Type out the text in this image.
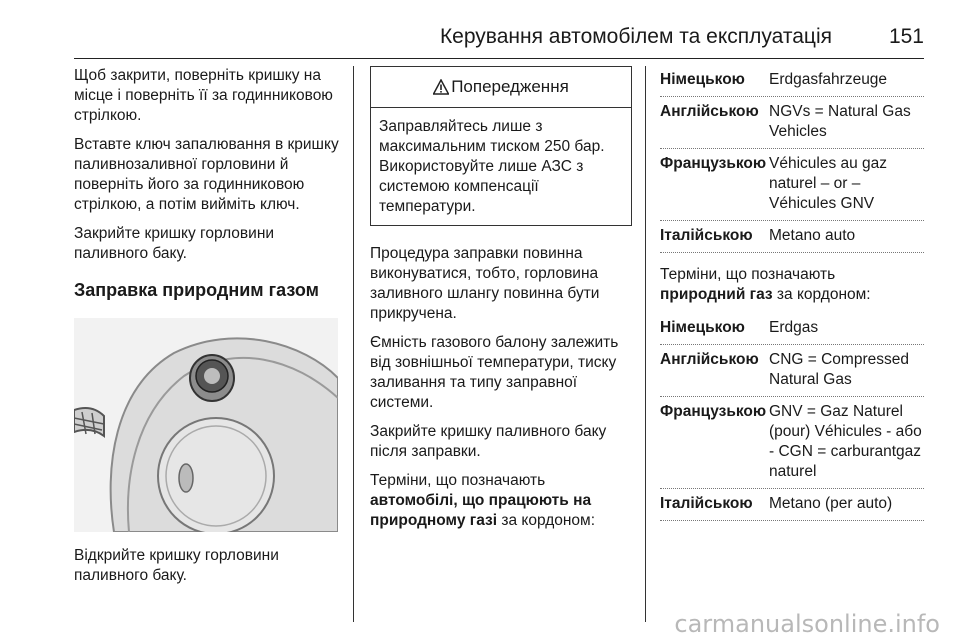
Керування автомобілем та експлуатація	151

Щоб закрити, поверніть кришку на місце і поверніть її за годинниковою стрілкою.

Вставте ключ запалювання в кришку паливнозаливної горловини й поверніть його за годинниковою стрілкою, а потім вийміть ключ.

Закрийте кришку горловини паливного баку.

Заправка природним газом

Відкрийте кришку горловини паливного баку.

Попередження
Заправляйтесь лише з максимальним тиском 250 бар. Використовуйте лише АЗС з системою компенсації температури.

Процедура заправки повинна виконуватися, тобто, горловина заливного шлангу повинна бути прикручена.

Ємність газового балону залежить від зовнішньої температури, тиску заливання та типу заправної системи.

Закрийте кришку паливного баку після заправки.

Терміни, що позначають
автомобілі, що працюють на природному газі за кордоном:

Німецькою	Erdgasfahrzeuge
Англійською NGVs = Natural Gas Vehicles
Французькою Véhicules au gaz naturel – or – Véhicules GNV
Італійською	Metano auto

Терміни, що позначають
природний газ за кордоном:

Німецькою	Erdgas
Англійською CNG = Compressed Natural Gas
Французькою GNV = Gaz Naturel (pour) Véhicules - або - CGN = carburantgaz naturel
Італійською	Metano (per auto)
carmanualsonline.info
